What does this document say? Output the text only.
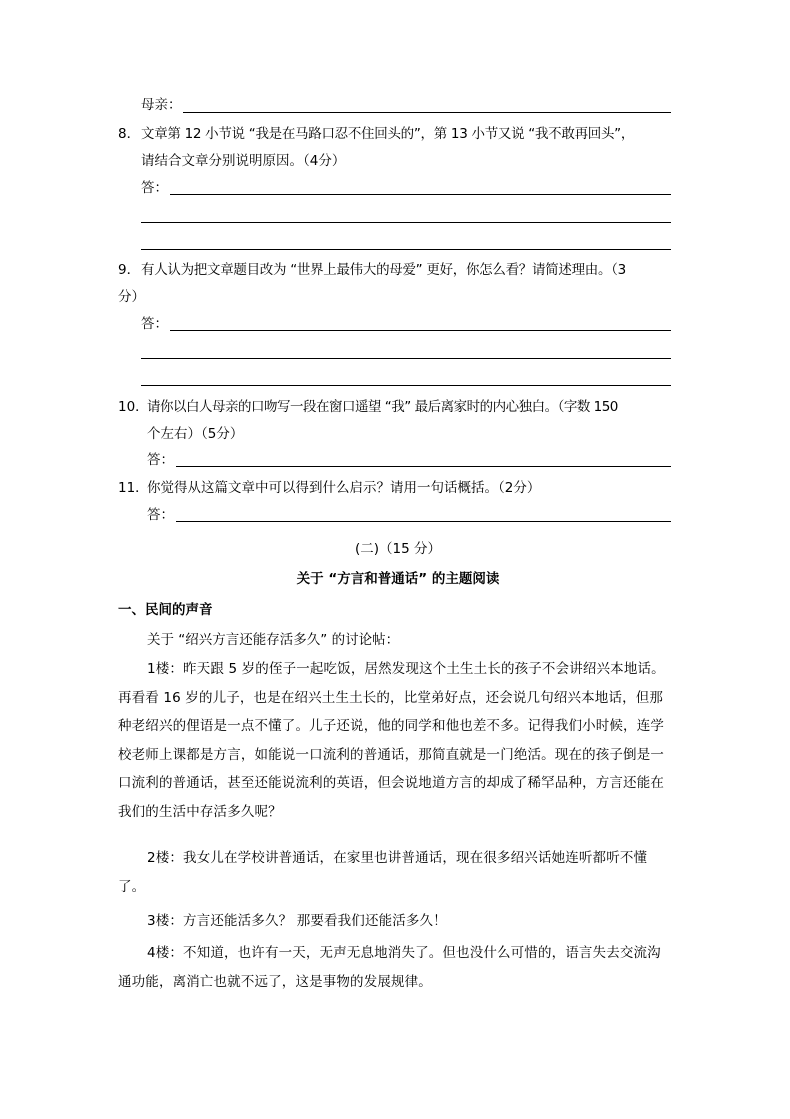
母亲：
8． 文章第 12 小节说 “我是在马路口忍不住回头的”，第 13 小节又说 “我不敢再回头”，
请结合文章分别说明原因。（4分）
答：
9． 有人认为把文章题目改为 “世界上最伟大的母爱” 更好，你怎么看？请简述理由。（3
分）
答：
10．
请你以白人母亲的口吻写一段在窗口遥望 “我” 最后离家时的内心独白。（字数 150
个左右）（5分）
答：
11．
你觉得从这篇文章中可以得到什么启示？请用一句话概括。（2分）
答：
(二)（15 分）
关于 “方言和普通话” 的主题阅读
一、民间的声音
关于 “绍兴方言还能存活多久” 的讨论帖：
1楼：昨天跟 5 岁的侄子一起吃饭，居然发现这个土生土长的孩子不会讲绍兴本地话。再看看 16 岁的儿子，也是在绍兴土生土长的，比堂弟好点，还会说几句绍兴本地话，但那种老绍兴的俚语是一点不懂了。儿子还说，他的同学和他也差不多。记得我们小时候，连学校老师上课都是方言，如能说一口流利的普通话，那简直就是一门绝活。现在的孩子倒是一口流利的普通话，甚至还能说流利的英语，但会说地道方言的却成了稀罕品种，方言还能在我们的生活中存活多久呢？
2楼：我女儿在学校讲普通话，在家里也讲普通话，现在很多绍兴话她连听都听不懂了。
3楼：方言还能活多久？ 那要看我们还能活多久！
4楼：不知道，也许有一天，无声无息地消失了。但也没什么可惜的，语言失去交流沟通功能，离消亡也就不远了，这是事物的发展规律。
